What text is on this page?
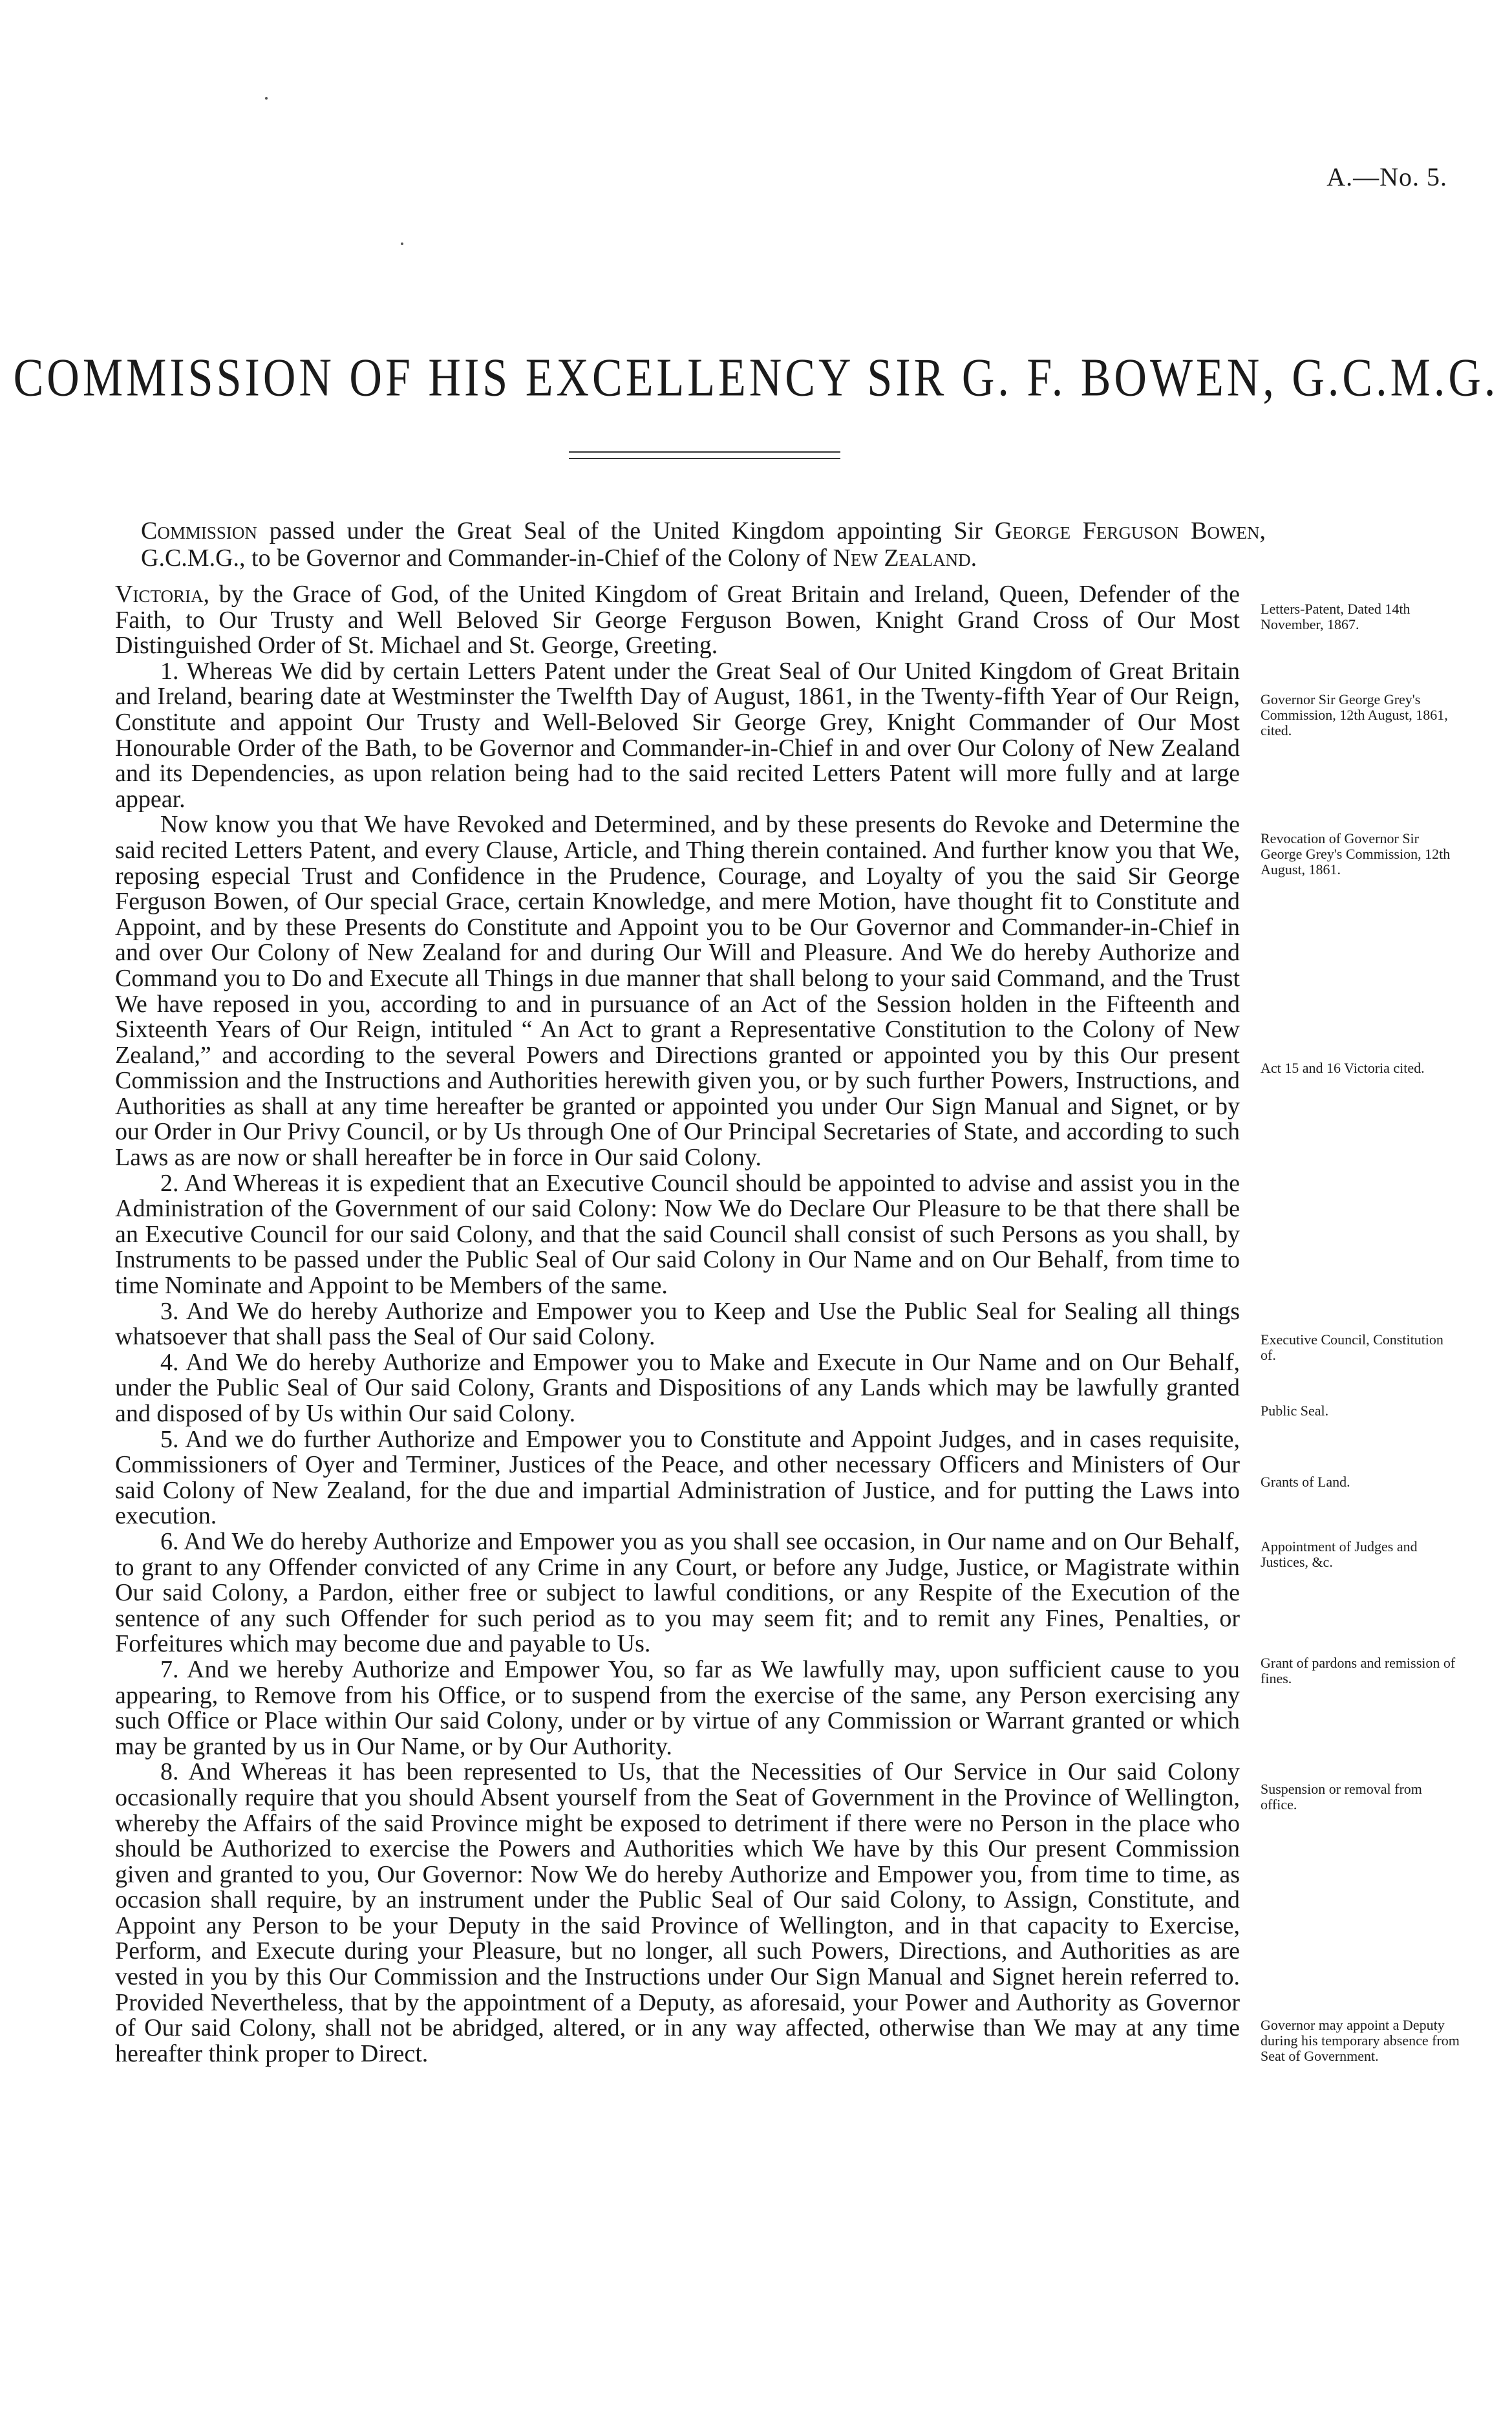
A.—No. 5.
COMMISSION OF HIS EXCELLENCY SIR G. F. BOWEN, G.C.M.G.

Commission passed under the Great Seal of the United Kingdom appointing Sir George Ferguson Bowen, G.C.M.G., to be Governor and Commander-in-Chief of the Colony of New Zealand.

Victoria, by the Grace of God, of the United Kingdom of Great Britain and Ireland, Queen, Defender of the Faith, to Our Trusty and Well Beloved Sir George Ferguson Bowen, Knight Grand Cross of Our Most Distinguished Order of St. Michael and St. George, Greeting.

1. Whereas We did by certain Letters Patent under the Great Seal of Our United Kingdom of Great Britain and Ireland, bearing date at Westminster the Twelfth Day of August, 1861, in the Twenty-fifth Year of Our Reign, Constitute and appoint Our Trusty and Well-Beloved Sir George Grey, Knight Commander of Our Most Honourable Order of the Bath, to be Governor and Commander-in-Chief in and over Our Colony of New Zealand and its Dependencies, as upon relation being had to the said recited Letters Patent will more fully and at large appear.

Now know you that We have Revoked and Determined, and by these presents do Revoke and Determine the said recited Letters Patent, and every Clause, Article, and Thing therein contained. And further know you that We, reposing especial Trust and Confidence in the Prudence, Courage, and Loyalty of you the said Sir George Ferguson Bowen, of Our special Grace, certain Knowledge, and mere Motion, have thought fit to Constitute and Appoint, and by these Presents do Constitute and Appoint you to be Our Governor and Commander-in-Chief in and over Our Colony of New Zealand for and during Our Will and Pleasure. And We do hereby Authorize and Command you to Do and Execute all Things in due manner that shall belong to your said Command, and the Trust We have reposed in you, according to and in pursuance of an Act of the Session holden in the Fifteenth and Sixteenth Years of Our Reign, intituled “ An Act to grant a Representative Constitution to the Colony of New Zealand,” and according to the several Powers and Directions granted or appointed you by this Our present Commission and the Instructions and Authorities herewith given you, or by such further Powers, Instructions, and Authorities as shall at any time hereafter be granted or appointed you under Our Sign Manual and Signet, or by our Order in Our Privy Council, or by Us through One of Our Principal Secretaries of State, and according to such Laws as are now or shall hereafter be in force in Our said Colony.

2. And Whereas it is expedient that an Executive Council should be appointed to advise and assist you in the Administration of the Government of our said Colony: Now We do Declare Our Pleasure to be that there shall be an Executive Council for our said Colony, and that the said Council shall consist of such Persons as you shall, by Instruments to be passed under the Public Seal of Our said Colony in Our Name and on Our Behalf, from time to time Nominate and Appoint to be Members of the same.

3. And We do hereby Authorize and Empower you to Keep and Use the Public Seal for Sealing all things whatsoever that shall pass the Seal of Our said Colony.

4. And We do hereby Authorize and Empower you to Make and Execute in Our Name and on Our Behalf, under the Public Seal of Our said Colony, Grants and Dispositions of any Lands which may be lawfully granted and disposed of by Us within Our said Colony.

5. And we do further Authorize and Empower you to Constitute and Appoint Judges, and in cases requisite, Commissioners of Oyer and Terminer, Justices of the Peace, and other necessary Officers and Ministers of Our said Colony of New Zealand, for the due and impartial Administration of Justice, and for putting the Laws into execution.

6. And We do hereby Authorize and Empower you as you shall see occasion, in Our name and on Our Behalf, to grant to any Offender convicted of any Crime in any Court, or before any Judge, Justice, or Magistrate within Our said Colony, a Pardon, either free or subject to lawful conditions, or any Respite of the Execution of the sentence of any such Offender for such period as to you may seem fit; and to remit any Fines, Penalties, or Forfeitures which may become due and payable to Us.

7. And we hereby Authorize and Empower You, so far as We lawfully may, upon sufficient cause to you appearing, to Remove from his Office, or to suspend from the exercise of the same, any Person exercising any such Office or Place within Our said Colony, under or by virtue of any Commission or Warrant granted or which may be granted by us in Our Name, or by Our Authority.

8. And Whereas it has been represented to Us, that the Necessities of Our Service in Our said Colony occasionally require that you should Absent yourself from the Seat of Government in the Province of Wellington, whereby the Affairs of the said Province might be exposed to detriment if there were no Person in the place who should be Authorized to exercise the Powers and Authorities which We have by this Our present Commission given and granted to you, Our Governor: Now We do hereby Authorize and Empower you, from time to time, as occasion shall require, by an instrument under the Public Seal of Our said Colony, to Assign, Constitute, and Appoint any Person to be your Deputy in the said Province of Wellington, and in that capacity to Exercise, Perform, and Execute during your Pleasure, but no longer, all such Powers, Directions, and Authorities as are vested in you by this Our Commission and the Instructions under Our Sign Manual and Signet herein referred to. Provided Nevertheless, that by the appointment of a Deputy, as aforesaid, your Power and Authority as Governor of Our said Colony, shall not be abridged, altered, or in any way affected, otherwise than We may at any time hereafter think proper to Direct.

Letters-Patent, Dated 14th November, 1867.

Governor Sir George Grey's Commission, 12th August, 1861, cited.

Revocation of Governor Sir George Grey's Commission, 12th August, 1861.

Act 15 and 16 Victoria cited.

Executive Council, Constitution of.

Public Seal.

Grants of Land.

Appointment of Judges and Justices, &c.

Grant of pardons and remission of fines.

Suspension or removal from office.

Governor may appoint a Deputy during his temporary absence from Seat of Government.
